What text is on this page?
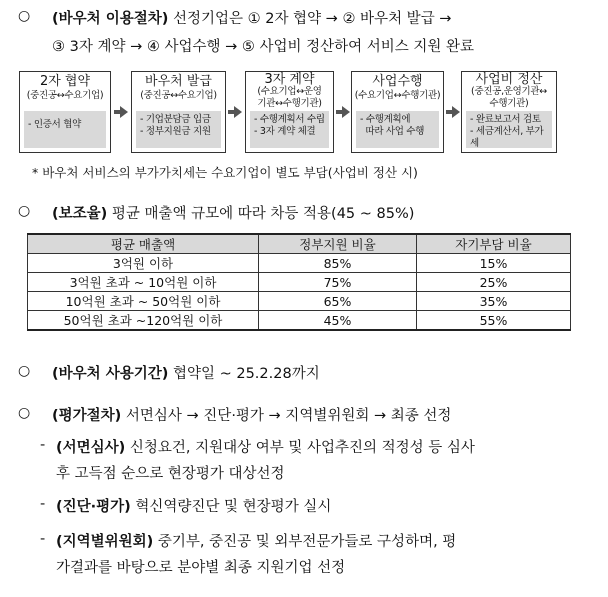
○ (바우처 이용절차) 선정기업은 ① 2자 협약 → ② 바우처 발급 →
③ 3자 계약 → ④ 사업수행 → ⑤ 사업비 정산하여 서비스 지원 완료
2자 협약
(중진공↔수요기업)
- 인증서 협약
바우처 발급
(중진공↔수요기업)
- 기업분담금 입금
- 정부지원금 지원
3자 계약
(수요기업↔운영
기관↔수행기관)
- 수행계획서 수립
- 3자 계약 체결
사업수행
(수요기업↔수행기관)
- 수행계획에
따라 사업 수행
사업비 정산
(중진공,운영기관↔
수행기관)
- 완료보고서 검토
- 세금계산서, 부가세
* 바우처 서비스의 부가가치세는 수요기업이 별도 부담(사업비 정산 시)
○ (보조율) 평균 매출액 규모에 따라 차등 적용(45 ~ 85%)
평균 매출액	정부지원 비율	자기부담 비율
3억원 이하	85%	15%
3억원 초과 ~ 10억원 이하	75%	25%
10억원 초과 ~ 50억원 이하	65%	35%
50억원 초과 ~120억원 이하	45%	55%
○ (바우처 사용기간) 협약일 ~ 25.2.28까지
○ (평가절차) 서면심사 → 진단·평가 → 지역별위원회 → 최종 선정
- (서면심사) 신청요건, 지원대상 여부 및 사업추진의 적정성 등 심사
후 고득점 순으로 현장평가 대상선정
- (진단·평가) 혁신역량진단 및 현장평가 실시
- (지역별위원회) 중기부, 중진공 및 외부전문가들로 구성하며, 평
가결과를 바탕으로 분야별 최종 지원기업 선정
